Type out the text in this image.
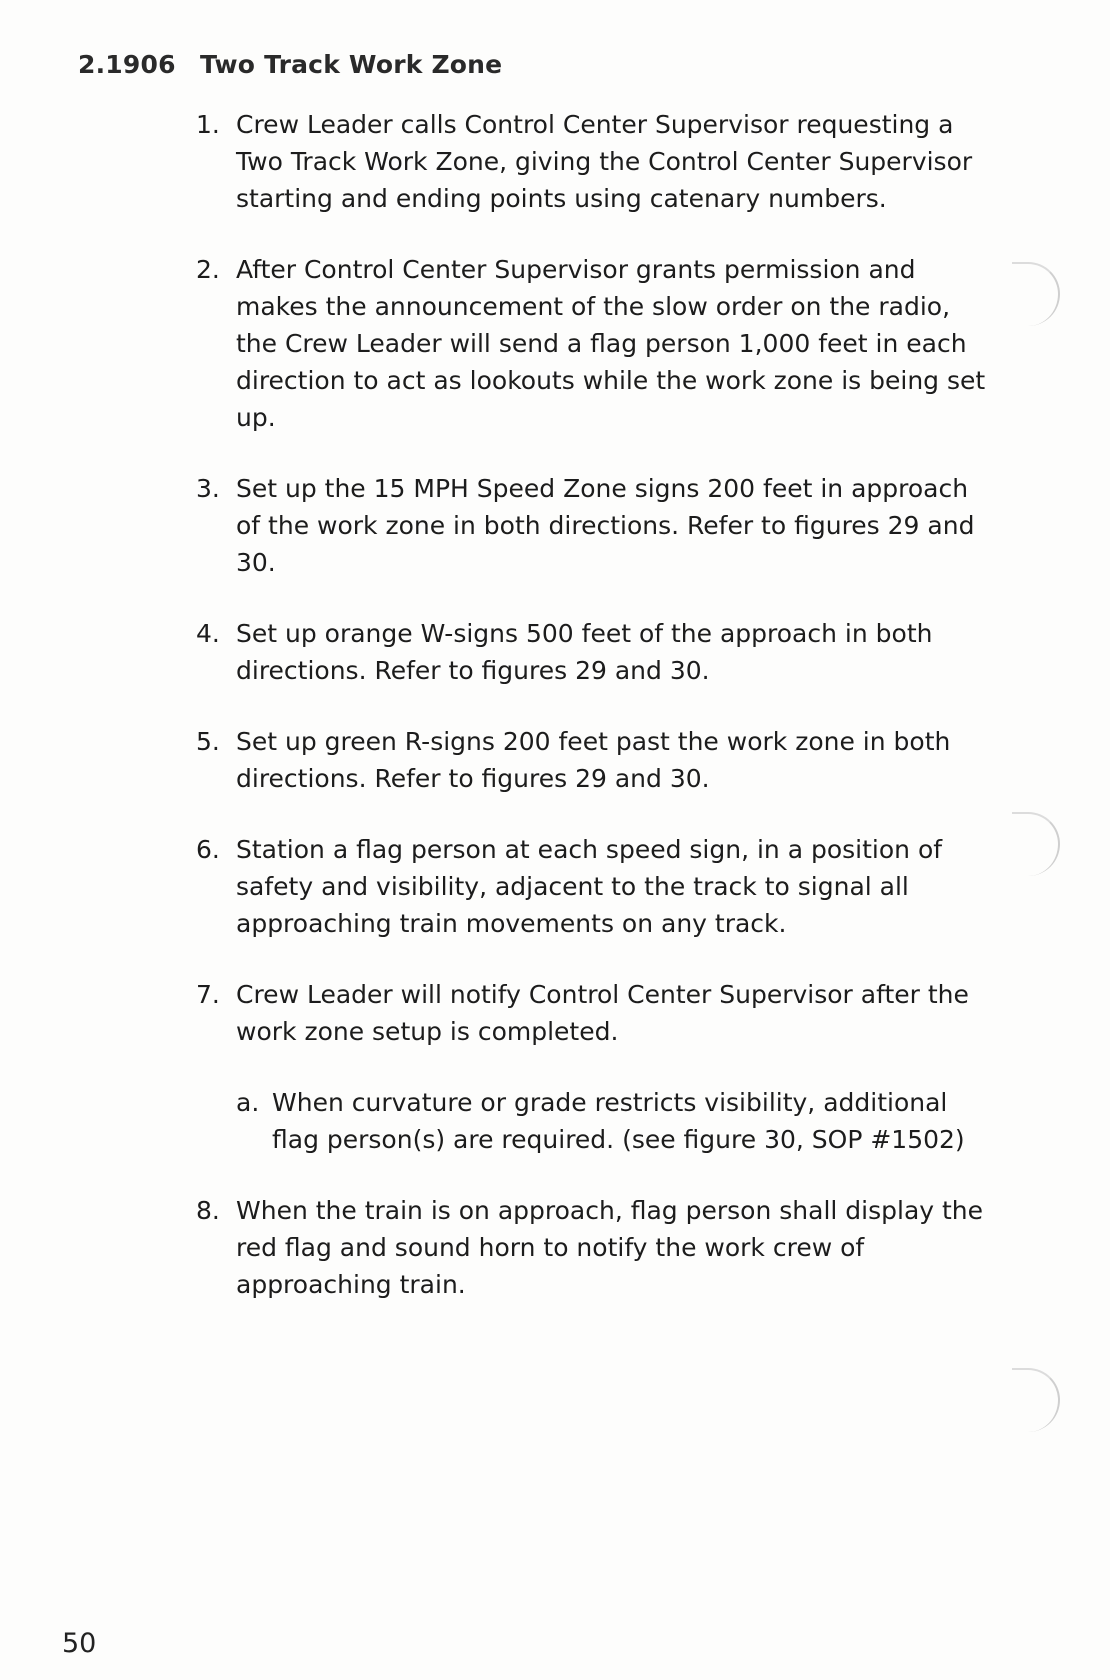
2.1906 Two Track Work Zone
1. Crew Leader calls Control Center Supervisor requesting a Two Track Work Zone, giving the Control Center Supervisor starting and ending points using catenary numbers.
2. After Control Center Supervisor grants permission and makes the announcement of the slow order on the radio, the Crew Leader will send a flag person 1,000 feet in each direction to act as lookouts while the work zone is being set up.
3. Set up the 15 MPH Speed Zone signs 200 feet in approach of the work zone in both directions. Refer to figures 29 and 30.
4. Set up orange W-signs 500 feet of the approach in both directions. Refer to figures 29 and 30.
5. Set up green R-signs 200 feet past the work zone in both directions. Refer to figures 29 and 30.
6. Station a flag person at each speed sign, in a position of safety and visibility, adjacent to the track to signal all approaching train movements on any track.
7. Crew Leader will notify Control Center Supervisor after the work zone setup is completed.
a. When curvature or grade restricts visibility, additional flag person(s) are required. (see figure 30, SOP #1502)
8. When the train is on approach, flag person shall display the red flag and sound horn to notify the work crew of approaching train.
50
